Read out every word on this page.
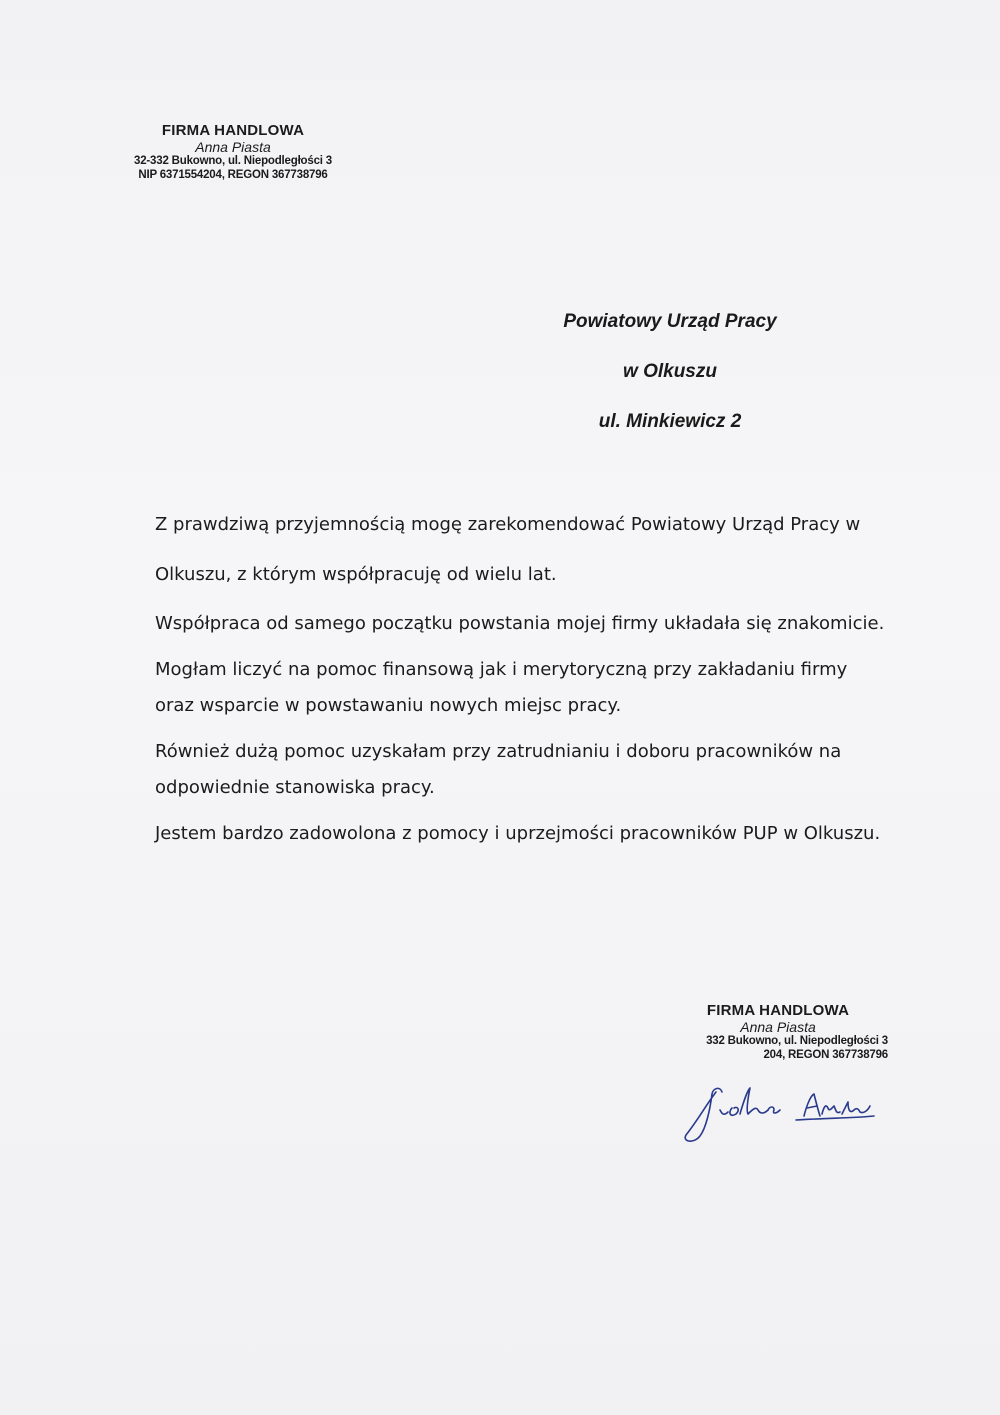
FIRMA HANDLOWA
Anna Piasta
32-332 Bukowno, ul. Niepodległości 3
NIP 6371554204, REGON 367738796
Powiatowy Urząd Pracy
w Olkuszu
ul. Minkiewicz 2

Z prawdziwą przyjemnością mogę zarekomendować Powiatowy Urząd Pracy w Olkuszu, z którym współpracuję od wielu lat.

Współpraca od samego początku powstania mojej firmy układała się znakomicie.

Mogłam liczyć na pomoc finansową jak i merytoryczną przy zakładaniu firmy oraz wsparcie w powstawaniu nowych miejsc pracy.

Również dużą pomoc uzyskałam przy zatrudnianiu i doboru pracowników na odpowiednie stanowiska pracy.

Jestem bardzo zadowolona z pomocy i uprzejmości pracowników PUP w Olkuszu.

FIRMA HANDLOWA
Anna Piasta
332 Bukowno, ul. Niepodległości 3
204, REGON 367738796
